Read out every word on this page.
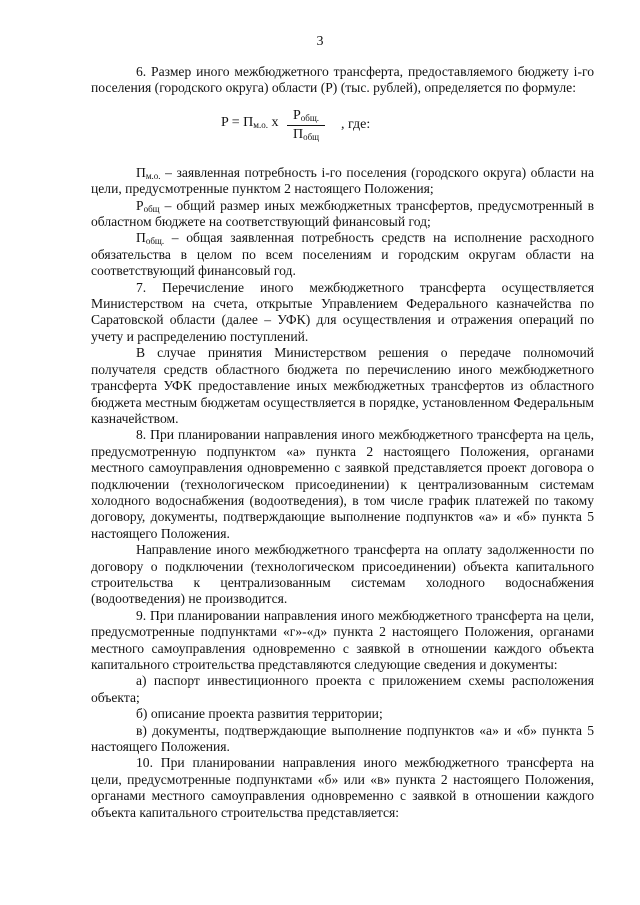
3

6. Размер иного межбюджетного трансферта, предоставляемого бюджету i-го поселения (городского округа) области (P) (тыс. рублей), определяется по формуле:

$P = П_{м.о.}$ x	$P_{общ.}$
$П_{общ}$
, где:

$П_{м.о.}$ – заявленная потребность i-го поселения (городского округа) области на цели, предусмотренные пунктом 2 настоящего Положения;

$P_{общ}$ – общий размер иных межбюджетных трансфертов, предусмотренный в областном бюджете на соответствующий финансовый год;

$П_{общ.}$ – общая заявленная потребность средств на исполнение расходного обязательства в целом по всем поселениям и городским округам области на соответствующий финансовый год.

7. Перечисление иного межбюджетного трансферта осуществляется Министерством на счета, открытые Управлением Федерального казначейства по Саратовской области (далее – УФК) для осуществления и отражения операций по учету и распределению поступлений.

В случае принятия Министерством решения о передаче полномочий получателя средств областного бюджета по перечислению иного межбюджетного трансферта УФК предоставление иных межбюджетных трансфертов из областного бюджета местным бюджетам осуществляется в порядке, установленном Федеральным казначейством.

8. При планировании направления иного межбюджетного трансферта на цель, предусмотренную подпунктом «а» пункта 2 настоящего Положения, органами местного самоуправления одновременно с заявкой представляется проект договора о подключении (технологическом присоединении) к централизованным системам холодного водоснабжения (водоотведения), в том числе график платежей по такому договору, документы, подтверждающие выполнение подпунктов «а» и «б» пункта 5 настоящего Положения.

Направление иного межбюджетного трансферта на оплату задолженности по договору о подключении (технологическом присоединении) объекта капитального строительства к централизованным системам холодного водоснабжения (водоотведения) не производится.

9. При планировании направления иного межбюджетного трансферта на цели, предусмотренные подпунктами «г»-«д» пункта 2 настоящего Положения, органами местного самоуправления одновременно с заявкой в отношении каждого объекта капитального строительства представляются следующие сведения и документы:

а) паспорт инвестиционного проекта с приложением схемы расположения объекта;

б) описание проекта развития территории;

в) документы, подтверждающие выполнение подпунктов «а» и «б» пункта 5 настоящего Положения.

10. При планировании направления иного межбюджетного трансферта на цели, предусмотренные подпунктами «б» или «в» пункта 2 настоящего Положения, органами местного самоуправления одновременно с заявкой в отношении каждого объекта капитального строительства представляется:
